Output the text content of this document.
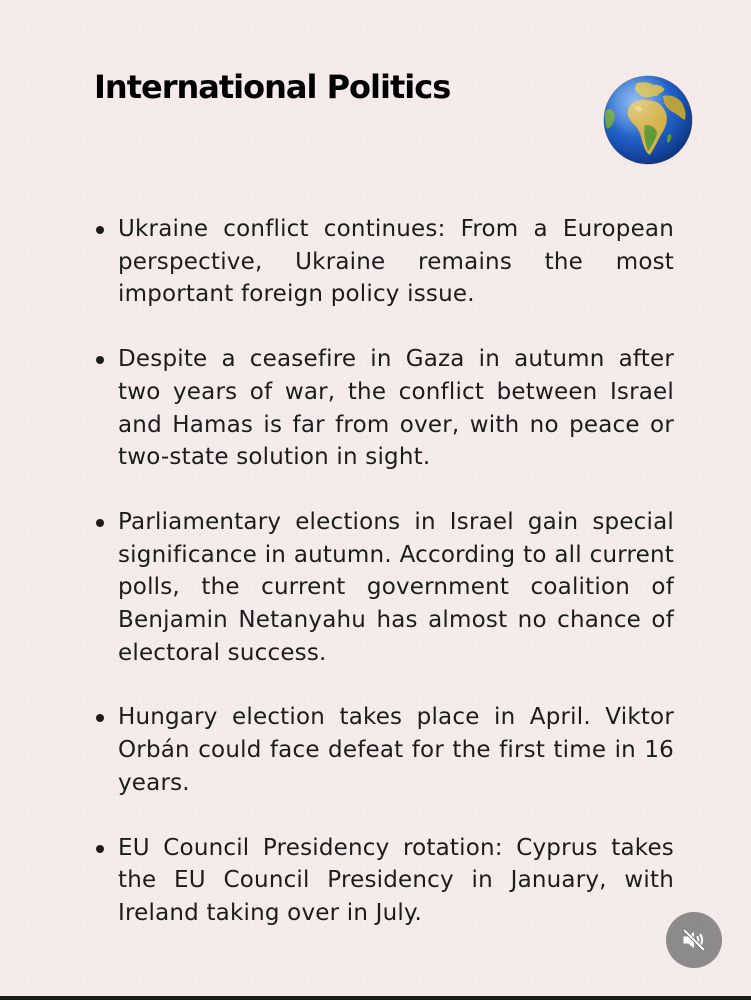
International Politics
Ukraine conflict continues: From a European perspective, Ukraine remains the most important foreign policy issue.
Despite a ceasefire in Gaza in autumn after two years of war, the conflict between Israel and Hamas is far from over, with no peace or two-state solution in sight.
Parliamentary elections in Israel gain special significance in autumn. According to all current polls, the current government coalition of Benjamin Netanyahu has almost no chance of electoral success.
Hungary election takes place in April. Viktor Orbán could face defeat for the first time in 16 years.
EU Council Presidency rotation: Cyprus takes the EU Council Presidency in January, with Ireland taking over in July.
